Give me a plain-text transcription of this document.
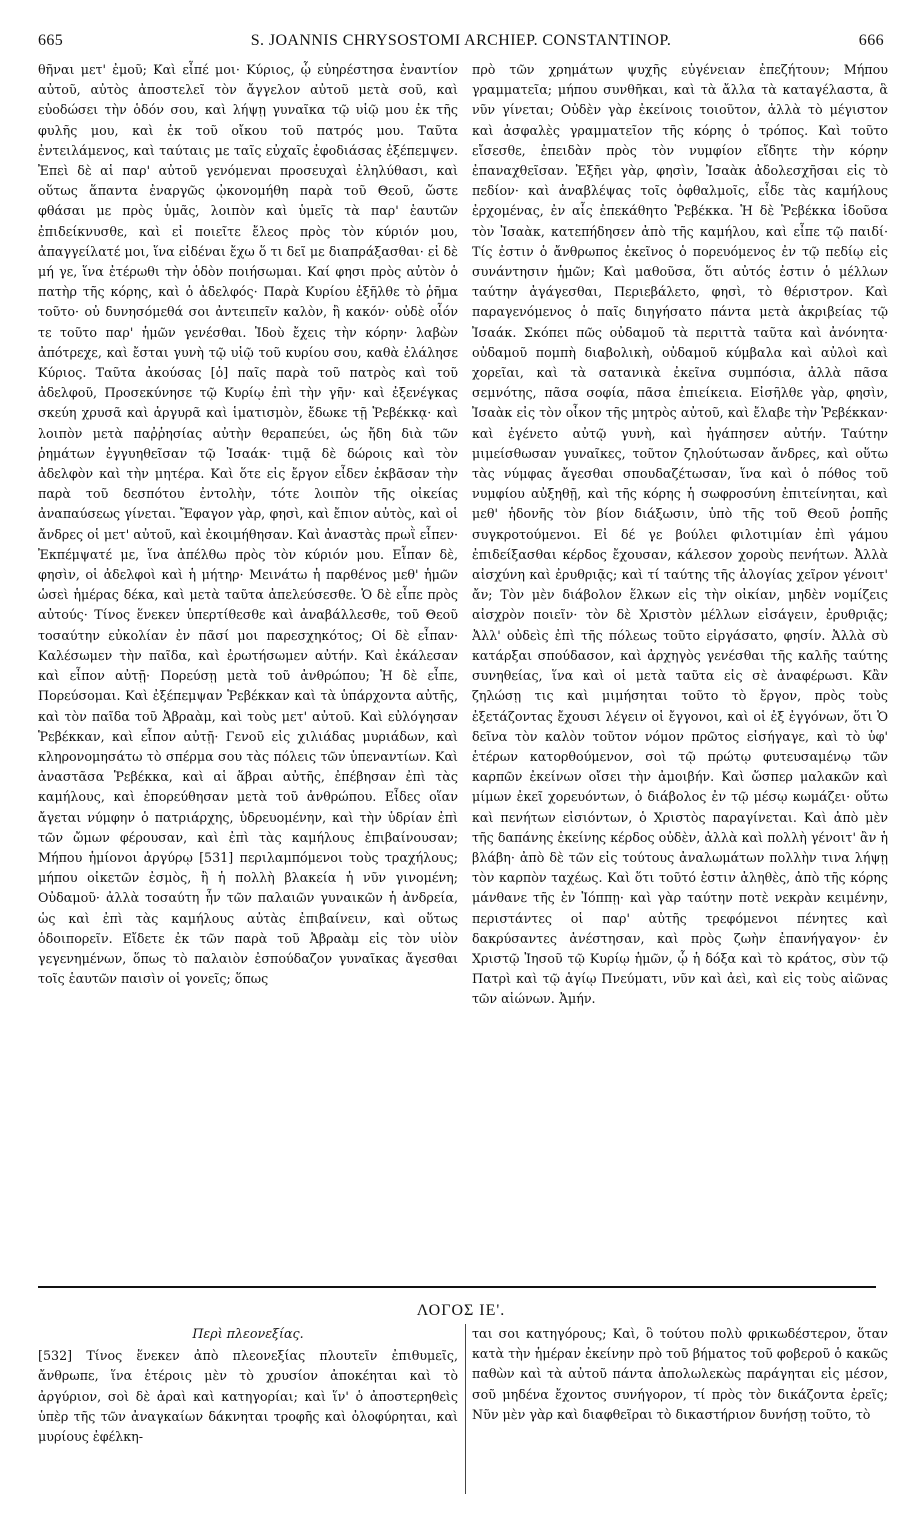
665	S. JOANNIS CHRYSOSTOMI ARCHIEP. CONSTANTINOP.	666

θῆναι μετ' ἐμοῦ; Καὶ εἶπέ μοι· Κύριος, ᾧ εὐηρέστησα ἐναντίον αὐτοῦ, αὐτὸς ἀποστελεῖ τὸν ἄγγελον αὐτοῦ μετὰ σοῦ, καὶ εὐοδώσει τὴν ὁδόν σου, καὶ λήψῃ γυναῖκα τῷ υἱῷ μου ἐκ τῆς φυλῆς μου, καὶ ἐκ τοῦ οἴκου τοῦ πατρός μου. Ταῦτα ἐντειλάμενος, καὶ ταύταις με ταῖς εὐχαῖς ἐφοδιάσας ἐξέπεμψεν. Ἐπεὶ δὲ αἱ παρ' αὐτοῦ γενόμεναι προσευχαὶ ἐληλύθασι, καὶ οὕτως ἅπαντα ἐναργῶς ᾠκονομήθη παρὰ τοῦ Θεοῦ, ὥστε φθάσαι με πρὸς ὑμᾶς, λοιπὸν καὶ ὑμεῖς τὰ παρ' ἑαυτῶν ἐπιδείκνυσθε, καὶ εἰ ποιεῖτε ἔλεος πρὸς τὸν κύριόν μου, ἀπαγγείλατέ μοι, ἵνα εἰδέναι ἔχω ὅ τι δεῖ με διαπράξασθαι· εἰ δὲ μή γε, ἵνα ἐτέρωθι τὴν ὁδὸν ποιήσωμαι. Καί φησι πρὸς αὐτὸν ὁ πατὴρ τῆς κόρης, καὶ ὁ ἀδελφός· Παρὰ Κυρίου ἐξῆλθε τὸ ῥῆμα τοῦτο· οὐ δυνησόμεθά σοι ἀντειπεῖν καλὸν, ἢ κακόν· οὐδὲ οἷόν τε τοῦτο παρ' ἡμῶν γενέσθαι. Ἰδοὺ ἔχεις τὴν κόρην· λαβὼν ἀπότρεχε, καὶ ἔσται γυνὴ τῷ υἱῷ τοῦ κυρίου σου, καθὰ ἐλάλησε Κύριος. Ταῦτα ἀκούσας [ὁ] παῖς παρὰ τοῦ πατρὸς καὶ τοῦ ἀδελφοῦ, Προσεκύνησε τῷ Κυρίῳ ἐπὶ τὴν γῆν· καὶ ἐξενέγκας σκεύη χρυσᾶ καὶ ἀργυρᾶ καὶ ἱματισμὸν, ἔδωκε τῇ Ῥεβέκκᾳ· καὶ λοιπὸν μετὰ παῤῥησίας αὐτὴν θεραπεύει, ὡς ἤδη διὰ τῶν ῥημάτων ἐγγυηθεῖσαν τῷ Ἰσαάκ· τιμᾷ δὲ δώροις καὶ τὸν ἀδελφὸν καὶ τὴν μητέρα. Καὶ ὅτε εἰς ἔργον εἶδεν ἐκβᾶσαν τὴν παρὰ τοῦ δεσπότου ἐντολὴν, τότε λοιπὸν τῆς οἰκείας ἀναπαύσεως γίνεται. Ἔφαγον γὰρ, φησὶ, καὶ ἔπιον αὐτὸς, καὶ οἱ ἄνδρες οἱ μετ' αὐτοῦ, καὶ ἐκοιμήθησαν. Καὶ ἀναστὰς πρωῒ εἶπεν· Ἐκπέμψατέ με, ἵνα ἀπέλθω πρὸς τὸν κύριόν μου. Εἶπαν δὲ, φησὶν, οἱ ἀδελφοὶ καὶ ἡ μήτηρ· Μεινάτω ἡ παρθένος μεθ' ἡμῶν ὡσεὶ ἡμέρας δέκα, καὶ μετὰ ταῦτα ἀπελεύσεσθε. Ὁ δὲ εἶπε πρὸς αὐτούς· Τίνος ἕνεκεν ὑπερτίθεσθε καὶ ἀναβάλλεσθε, τοῦ Θεοῦ τοσαύτην εὐκολίαν ἐν πᾶσί μοι παρεσχηκότος; Οἱ δὲ εἶπαν· Καλέσωμεν τὴν παῖδα, καὶ ἐρωτήσωμεν αὐτήν. Καὶ ἐκάλεσαν καὶ εἶπον αὐτῇ· Πορεύσῃ μετὰ τοῦ ἀνθρώπου; Ἡ δὲ εἶπε, Πορεύσομαι. Καὶ ἐξέπεμψαν Ῥεβέκκαν καὶ τὰ ὑπάρχοντα αὐτῆς, καὶ τὸν παῖδα τοῦ Ἀβραὰμ, καὶ τοὺς μετ' αὐτοῦ. Καὶ εὐλόγησαν Ῥεβέκκαν, καὶ εἶπον αὐτῇ· Γενοῦ εἰς χιλιάδας μυριάδων, καὶ κληρονομησάτω τὸ σπέρμα σου τὰς πόλεις τῶν ὑπεναντίων. Καὶ ἀναστᾶσα Ῥεβέκκα, καὶ αἱ ἅβραι αὐτῆς, ἐπέβησαν ἐπὶ τὰς καμήλους, καὶ ἐπορεύθησαν μετὰ τοῦ ἀνθρώπου. Εἶδες οἵαν ἄγεται νύμφην ὁ πατριάρχης, ὑδρευομένην, καὶ τὴν ὑδρίαν ἐπὶ τῶν ὤμων φέρουσαν, καὶ ἐπὶ τὰς καμήλους ἐπιβαίνουσαν; Μήπου ἡμίονοι ἀργύρῳ [531] περιλαμπόμενοι τοὺς τραχήλους; μήπου οἰκετῶν ἐσμὸς, ἢ ἡ πολλὴ βλακεία ἡ νῦν γινομένη; Οὐδαμοῦ· ἀλλὰ τοσαύτη ἦν τῶν παλαιῶν γυναικῶν ἡ ἀνδρεία, ὡς καὶ ἐπὶ τὰς καμήλους αὐτὰς ἐπιβαίνειν, καὶ οὕτως ὁδοιπορεῖν. Εἴδετε ἐκ τῶν παρὰ τοῦ Ἀβραὰμ εἰς τὸν υἱὸν γεγενημένων, ὅπως τὸ παλαιὸν ἐσπούδαζον γυναῖκας ἄγεσθαι τοῖς ἑαυτῶν παισὶν οἱ γονεῖς; ὅπως

πρὸ τῶν χρημάτων ψυχῆς εὐγένειαν ἐπεζήτουν; Μήπου γραμματεῖα; μήπου συνθῆκαι, καὶ τὰ ἄλλα τὰ καταγέλαστα, ἃ νῦν γίνεται; Οὐδὲν γὰρ ἐκείνοις τοιοῦτον, ἀλλὰ τὸ μέγιστον καὶ ἀσφαλὲς γραμματεῖον τῆς κόρης ὁ τρόπος. Καὶ τοῦτο εἴσεσθε, ἐπειδὰν πρὸς τὸν νυμφίον εἴδητε τὴν κόρην ἐπαναχθεῖσαν. Ἐξῆει γὰρ, φησὶν, Ἰσαὰκ ἀδολεσχῆσαι εἰς τὸ πεδίον· καὶ ἀναβλέψας τοῖς ὀφθαλμοῖς, εἶδε τὰς καμήλους ἐρχομένας, ἐν αἷς ἐπεκάθητο Ῥεβέκκα. Ἡ δὲ Ῥεβέκκα ἰδοῦσα τὸν Ἰσαὰκ, κατεπήδησεν ἀπὸ τῆς καμήλου, καὶ εἶπε τῷ παιδί· Τίς ἐστιν ὁ ἄνθρωπος ἐκεῖνος ὁ πορευόμενος ἐν τῷ πεδίῳ εἰς συνάντησιν ἡμῶν; Καὶ μαθοῦσα, ὅτι αὐτός ἐστιν ὁ μέλλων ταύτην ἀγάγεσθαι, Περιεβάλετο, φησὶ, τὸ θέριστρον. Καὶ παραγενόμενος ὁ παῖς διηγήσατο πάντα μετὰ ἀκριβείας τῷ Ἰσαάκ. Σκόπει πῶς οὐδαμοῦ τὰ περιττὰ ταῦτα καὶ ἀνόνητα· οὐδαμοῦ πομπὴ διαβολικὴ, οὐδαμοῦ κύμβαλα καὶ αὐλοὶ καὶ χορεῖαι, καὶ τὰ σατανικὰ ἐκεῖνα συμπόσια, ἀλλὰ πᾶσα σεμνότης, πᾶσα σοφία, πᾶσα ἐπιείκεια. Εἰσῆλθε γὰρ, φησὶν, Ἰσαὰκ εἰς τὸν οἶκον τῆς μητρὸς αὐτοῦ, καὶ ἔλαβε τὴν Ῥεβέκκαν· καὶ ἐγένετο αὐτῷ γυνὴ, καὶ ἠγάπησεν αὐτήν. Ταύτην μιμείσθωσαν γυναῖκες, τοῦτον ζηλούτωσαν ἄνδρες, καὶ οὕτω τὰς νύμφας ἄγεσθαι σπουδαζέτωσαν, ἵνα καὶ ὁ πόθος τοῦ νυμφίου αὐξηθῇ, καὶ τῆς κόρης ἡ σωφροσύνη ἐπιτείνηται, καὶ μεθ' ἡδονῆς τὸν βίον διάξωσιν, ὑπὸ τῆς τοῦ Θεοῦ ῥοπῆς συγκροτούμενοι. Εἰ δέ γε βούλει φιλοτιμίαν ἐπὶ γάμου ἐπιδείξασθαι κέρδος ἔχουσαν, κάλεσον χοροὺς πενήτων. Ἀλλὰ αἰσχύνη καὶ ἐρυθριᾷς; καὶ τί ταύτης τῆς ἀλογίας χεῖρον γένοιτ' ἄν; Τὸν μὲν διάβολον ἕλκων εἰς τὴν οἰκίαν, μηδὲν νομίζεις αἰσχρὸν ποιεῖν· τὸν δὲ Χριστὸν μέλλων εἰσάγειν, ἐρυθριᾷς; Ἀλλ' οὐδεὶς ἐπὶ τῆς πόλεως τοῦτο εἰργάσατο, φησίν. Ἀλλὰ σὺ κατάρξαι σπούδασον, καὶ ἀρχηγὸς γενέσθαι τῆς καλῆς ταύτης συνηθείας, ἵνα καὶ οἱ μετὰ ταῦτα εἰς σὲ ἀναφέρωσι. Κἂν ζηλώσῃ τις καὶ μιμήσηται τοῦτο τὸ ἔργον, πρὸς τοὺς ἐξετάζοντας ἔχουσι λέγειν οἱ ἔγγονοι, καὶ οἱ ἐξ ἐγγόνων, ὅτι Ὁ δεῖνα τὸν καλὸν τοῦτον νόμον πρῶτος εἰσήγαγε, καὶ τὸ ὑφ' ἑτέρων κατορθούμενον, σοὶ τῷ πρώτῳ φυτευσαμένῳ τῶν καρπῶν ἐκείνων οἴσει τὴν ἀμοιβήν. Καὶ ὥσπερ μαλακῶν καὶ μίμων ἐκεῖ χορευόντων, ὁ διάβολος ἐν τῷ μέσῳ κωμάζει· οὕτω καὶ πενήτων εἰσιόντων, ὁ Χριστὸς παραγίνεται. Καὶ ἀπὸ μὲν τῆς δαπάνης ἐκείνης κέρδος οὐδὲν, ἀλλὰ καὶ πολλὴ γένοιτ' ἂν ἡ βλάβη· ἀπὸ δὲ τῶν εἰς τούτους ἀναλωμάτων πολλὴν τινα λήψῃ τὸν καρπὸν ταχέως. Καὶ ὅτι τοῦτό ἐστιν ἀληθὲς, ἀπὸ τῆς κόρης μάνθανε τῆς ἐν Ἰόππῃ· καὶ γὰρ ταύτην ποτὲ νεκρὰν κειμένην, περιστάντες οἱ παρ' αὐτῆς τρεφόμενοι πένητες καὶ δακρύσαντες ἀνέστησαν, καὶ πρὸς ζωὴν ἐπανήγαγον· ἐν Χριστῷ Ἰησοῦ τῷ Κυρίῳ ἡμῶν, ᾧ ἡ δόξα καὶ τὸ κράτος, σὺν τῷ Πατρὶ καὶ τῷ ἁγίῳ Πνεύματι, νῦν καὶ ἀεὶ, καὶ εἰς τοὺς αἰῶνας τῶν αἰώνων. Ἀμήν.

ΛΟΓΟΣ ΙΕ'.

Περὶ πλεονεξίας.

[532] Τίνος ἕνεκεν ἀπὸ πλεονεξίας πλουτεῖν ἐπιθυμεῖς, ἄνθρωπε, ἵνα ἑτέροις μὲν τὸ χρυσίον ἀποκέηται καὶ τὸ ἀργύριον, σοὶ δὲ ἀραὶ καὶ κατηγορίαι; καὶ ἵν' ὁ ἀποστερηθεὶς ὑπὲρ τῆς τῶν ἀναγκαίων δάκνηται τροφῆς καὶ ὀλοφύρηται, καὶ μυρίους ἐφέλκη-

ται σοι κατηγόρους; Καὶ, ὃ τούτου πολὺ φρικωδέστερον, ὅταν κατὰ τὴν ἡμέραν ἐκείνην πρὸ τοῦ βήματος τοῦ φοβεροῦ ὁ κακῶς παθὼν καὶ τὰ αὐτοῦ πάντα ἀπολωλεκὼς παράγηται εἰς μέσον, σοῦ μηδένα ἔχοντος συνήγορον, τί πρὸς τὸν δικάζοντα ἐρεῖς; Νῦν μὲν γὰρ καὶ διαφθεῖραι τὸ δικαστήριον δυνήσῃ τοῦτο, τὸ
